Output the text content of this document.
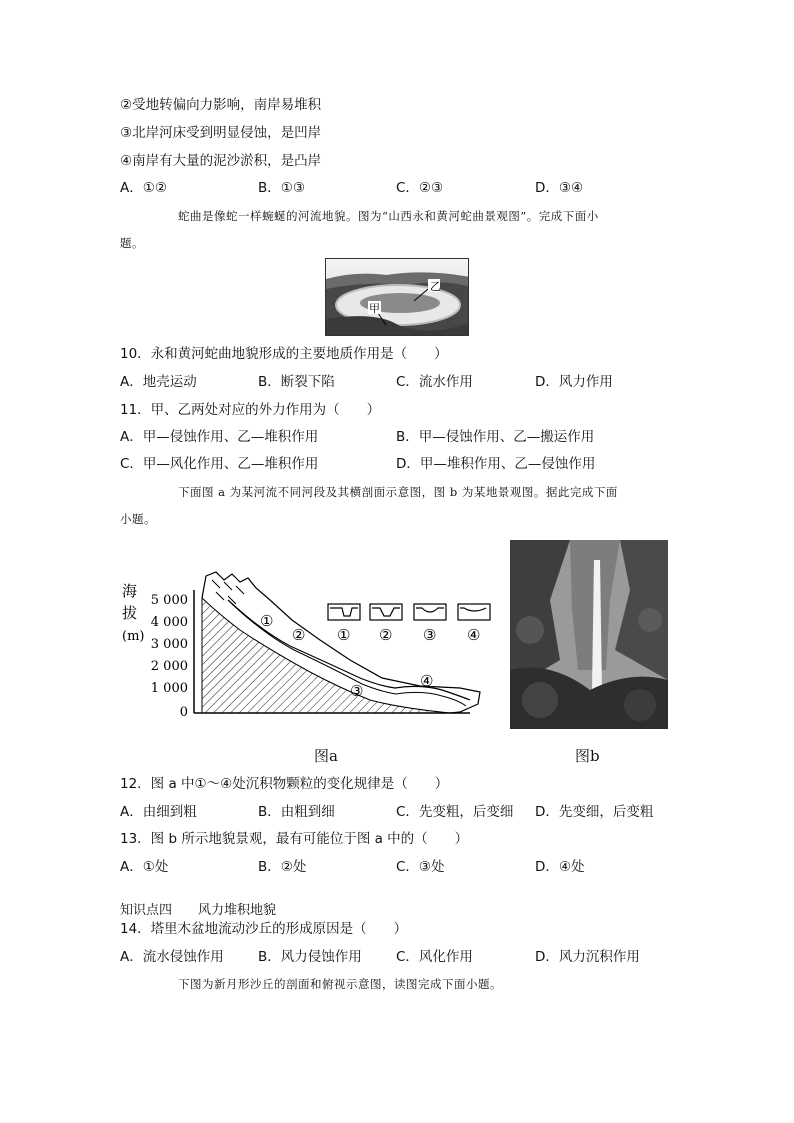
②受地转偏向力影响，南岸易堆积
③北岸河床受到明显侵蚀，是凹岸
④南岸有大量的泥沙淤积，是凸岸
A．①②	B．①③	C．②③	D．③④
蛇曲是像蛇一样蜿蜒的河流地貌。图为“山西永和黄河蛇曲景观图”。完成下面小
题。
乙
甲
10．永和黄河蛇曲地貌形成的主要地质作用是（　　）
A．地壳运动	B．断裂下陷	C．流水作用	D．风力作用
11．甲、乙两处对应的外力作用为（　　）
A．甲—侵蚀作用、乙—堆积作用	B．甲—侵蚀作用、乙—搬运作用
C．甲—风化作用、乙—堆积作用	D．甲—堆积作用、乙—侵蚀作用
下面图 a 为某河流不同河段及其横剖面示意图，图 b 为某地景观图。据此完成下面
小题。
海
拔
(m)
5 000
4 000
3 000
2 000
1 000
0
①
②
③
④
① ② ③ ④
图a	图b
12．图 a 中①～④处沉积物颗粒的变化规律是（　　）
A．由细到粗	B．由粗到细	C．先变粗，后变细 D．先变细，后变粗
13．图 b 所示地貌景观，最有可能位于图 a 中的（　　）
A．①处	B．②处	C．③处	D．④处
知识点四　　风力堆积地貌
14．塔里木盆地流动沙丘的形成原因是（　　）
A．流水侵蚀作用	B．风力侵蚀作用	C．风化作用	D．风力沉积作用
下图为新月形沙丘的剖面和俯视示意图，读图完成下面小题。
